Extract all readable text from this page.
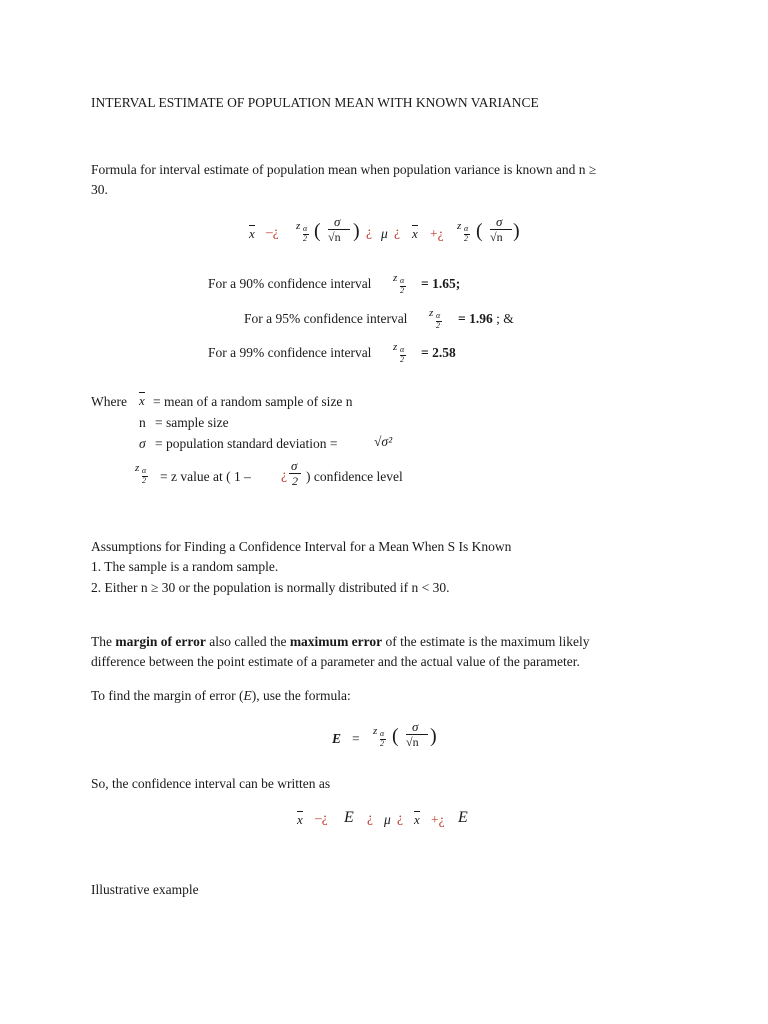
INTERVAL ESTIMATE OF POPULATION MEAN WITH KNOWN VARIANCE
Formula for interval estimate of population mean when population variance is known and n ≥
30.
x –¿ z α
2 ( σ
√n ) ¿ μ ¿ x +¿ z α
2 ( σ
√n )
For a 90% confidence interval z α
2 = 1.65;
For a 95% confidence interval z α
2 = 1.96 ; &
For a 99% confidence interval z α
2 = 2.58
Where x = mean of a random sample of size n
n = sample size
σ = population standard deviation =	√σ²
z α
2 = z value at ( 1 – ¿
σ
2 ) confidence level
Assumptions for Finding a Confidence Interval for a Mean When S Is Known
1. The sample is a random sample.
2. Either n ≥ 30 or the population is normally distributed if n < 30.
The margin of error also called the maximum error of the estimate is the maximum likely
difference between the point estimate of a parameter and the actual value of the parameter.
To find the margin of error (E), use the formula:
E = z α
2 ( σ
√n )
So, the confidence interval can be written as
x –¿ E ¿ μ ¿ x +¿ E
Illustrative example
